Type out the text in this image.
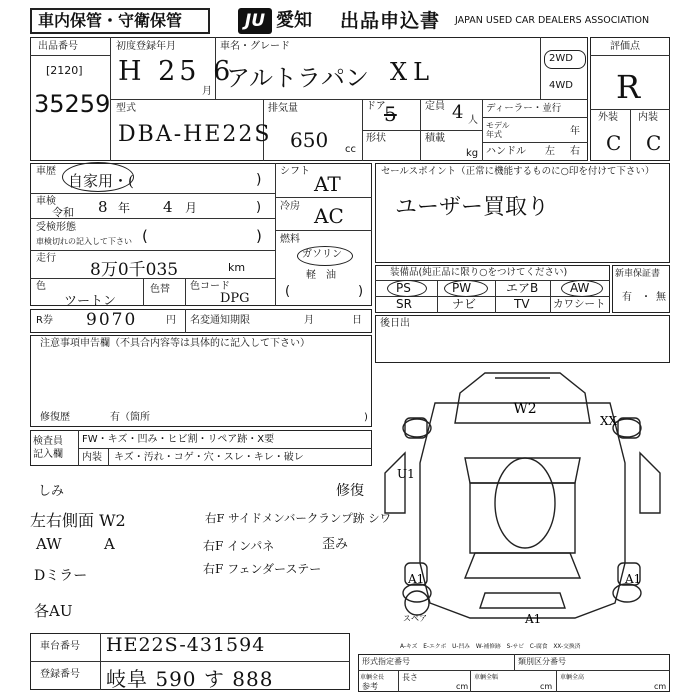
車内保管・守衛保管	JU 愛知 出品申込書 JAPAN USED CAR DEALERS ASSOCIATION
出品番号
[2120]
35259
初度登録年月
H 25 6
月
車名・グレード
アルトラパン XL	2WD
4WD
型式
DBA-HE22S
排気量
650 cc
ドア
5
形状
定員 4 人
積載
kg
ディーラー・並行
モデル
年式	年
ハンドル 左 右
評価点
R
外装 内装
C C
車歴
自家用・(	)
車検
令和 8 年 4 月	)
受検形態
車検切れの記入して下さい (	)
走行
8万0千035	km
色
ツートン
色替 色コード
DPG
シフト
AT
冷房 AC
燃料
ガソリン
軽　油
(	)
セールスポイント（正常に機能するものに○印を付けて下さい）
ユーザー買取り
装備品(純正品に限り○をつけてください)
PS	PW	エアB	AW
SR	ナビ	TV カワシート
新車保証書
有 ・ 無
R券 9070	円 名変通知期限	月	日 後日出
注意事項申告欄（不具合内容等は具体的に記入して下さい）
修復歴	有（箇所	)
検査員
記入欄
FW・キズ・凹み・ヒビ割・リペア跡・X要
内装 キズ・汚れ・コゲ・穴・スレ・キレ・破レ
しみ	修復
左右側面 W2	右F サイドメンバークランプ跡 シワ
AW	A	右F インパネ	歪み
Dミラー	右F フェンダーステー
各AU
W2
XX
U1
A1	A1
A1
スペア
A-キズ　E-エクボ　U-凹み　W-補修跡　S-サビ　C-腐食　XX-交換済
車台番号 HE22S-431594
登録番号 岐阜 590 す 888
形式指定番号	類別区分番号
車輌全長 長さ
参考	cm
車輌全幅
cm
車輌全高
cm
